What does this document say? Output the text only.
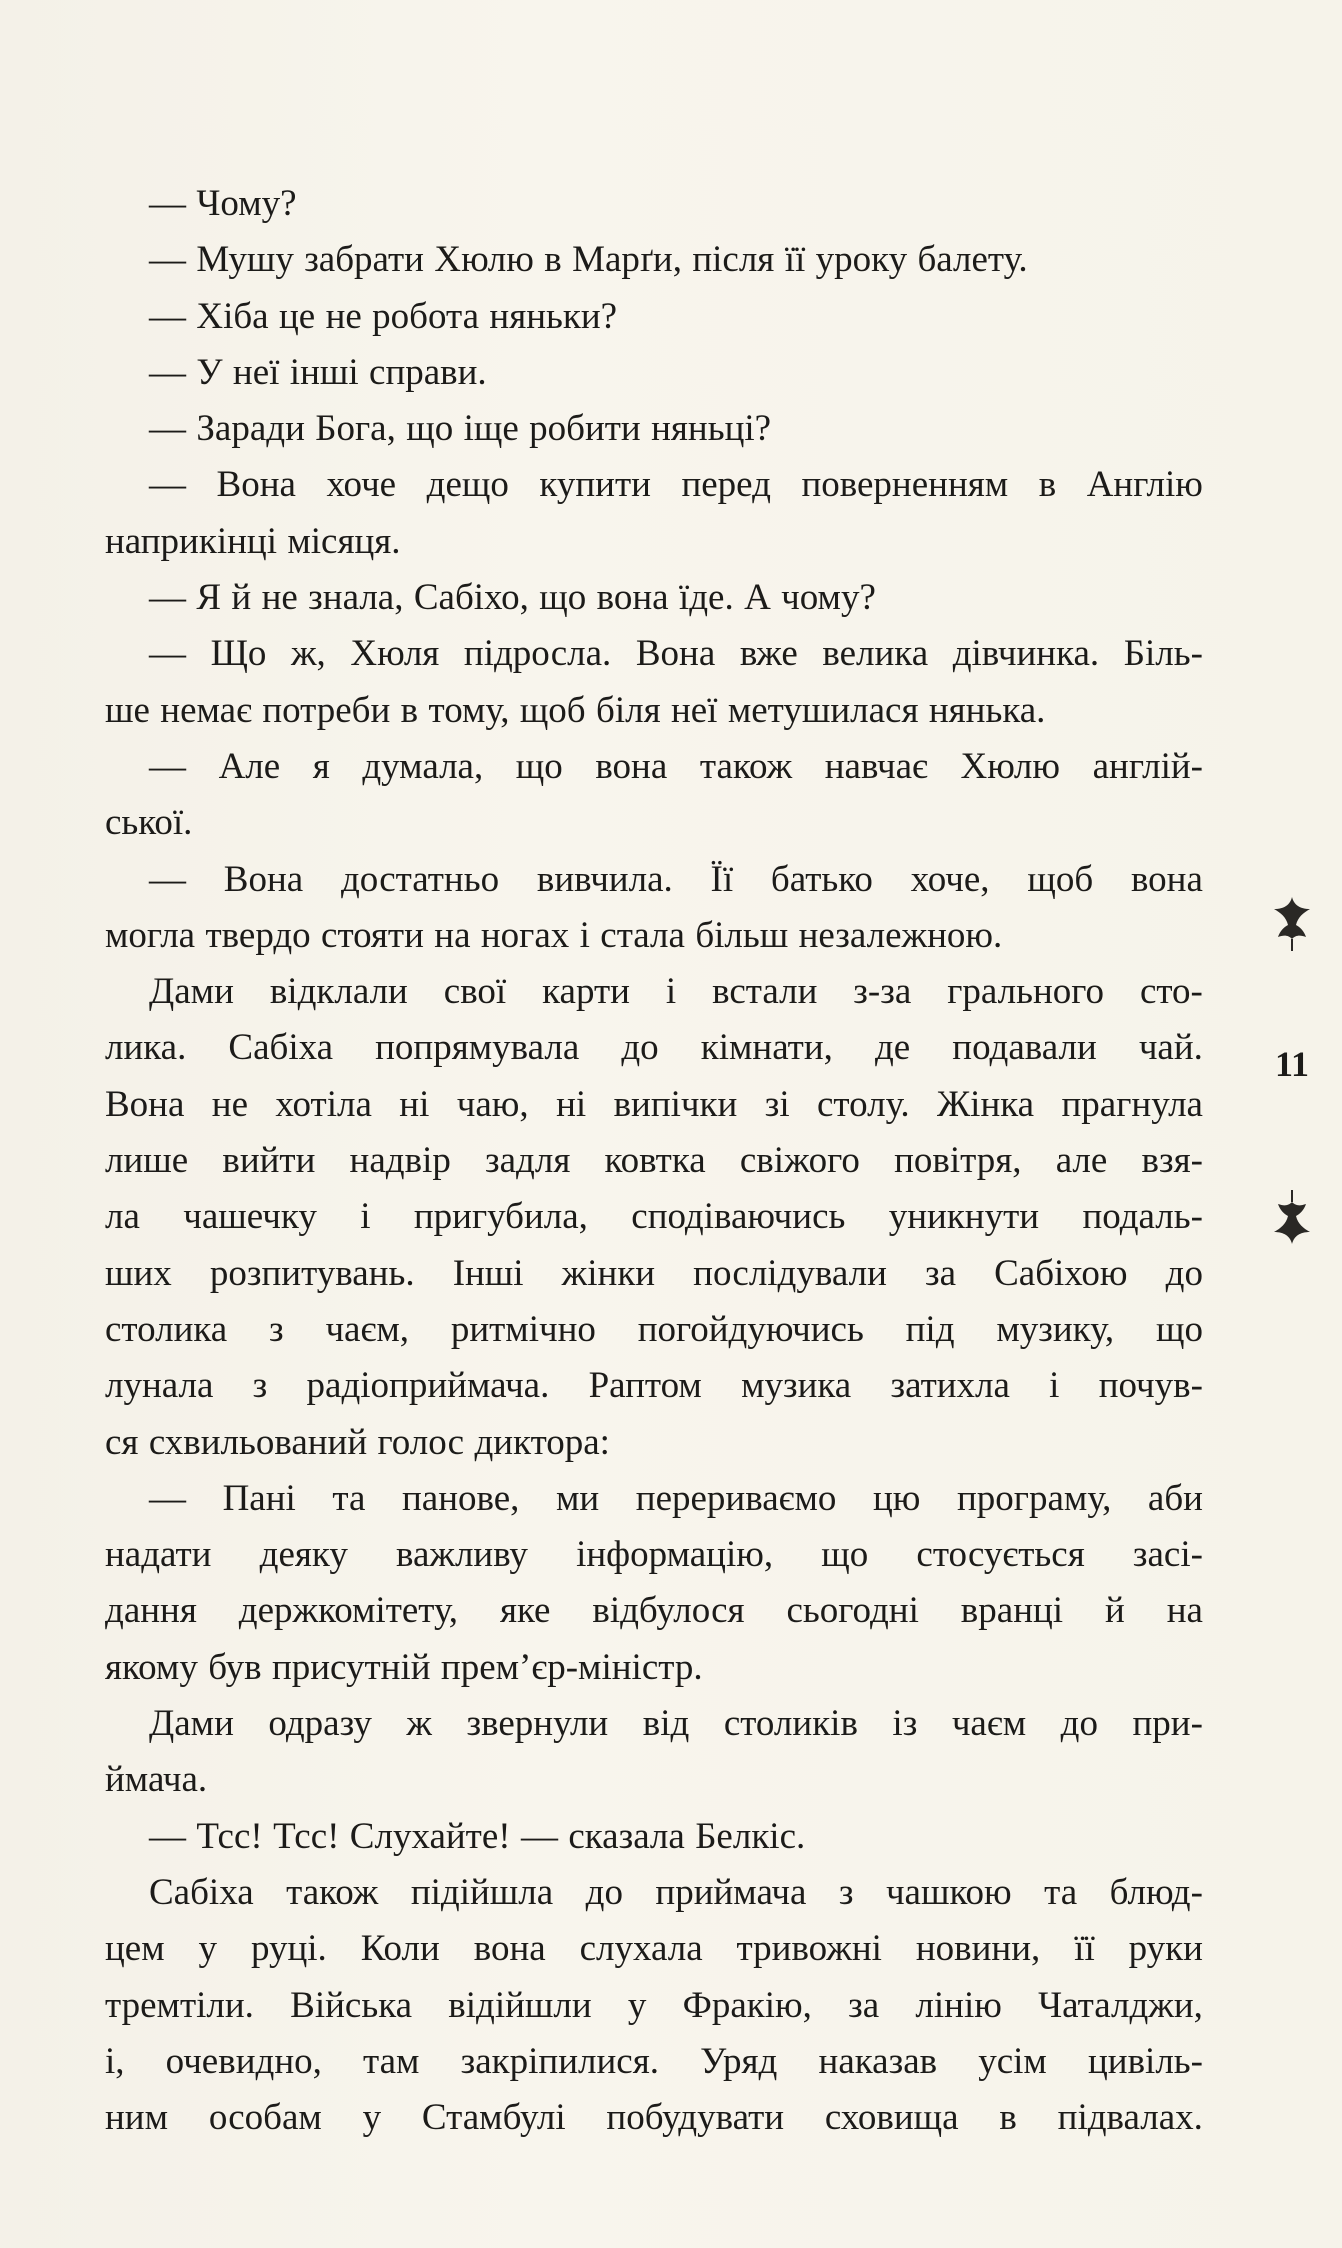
— Чому?
— Мушу забрати Хюлю в Марґи, після її уроку балету.
— Хіба це не робота няньки?
— У неї інші справи.
— Заради Бога, що іще робити няньці?
— Вона хоче дещо купити перед поверненням в Англію
наприкінці місяця.
— Я й не знала, Сабіхо, що вона їде. А чому?
— Що ж, Хюля підросла. Вона вже велика дівчинка. Біль-
ше немає потреби в тому, щоб біля неї метушилася нянька.
— Але я думала, що вона також навчає Хюлю англій-
ської.
— Вона достатньо вивчила. Її батько хоче, щоб вона
могла твердо стояти на ногах і стала більш незалежною.
Дами відклали свої карти і встали з-за грального сто-
лика. Сабіха попрямувала до кімнати, де подавали чай.
Вона не хотіла ні чаю, ні випічки зі столу. Жінка прагнула
лише вийти надвір задля ковтка свіжого повітря, але взя-
ла чашечку і пригубила, сподіваючись уникнути подаль-
ших розпитувань. Інші жінки послідували за Сабіхою до
столика з чаєм, ритмічно погойдуючись під музику, що
лунала з радіоприймача. Раптом музика затихла і почув-
ся схвильований голос диктора:
— Пані та панове, ми перериваємо цю програму, аби
надати деяку важливу інформацію, що стосується засі-
дання держкомітету, яке відбулося сьогодні вранці й на
якому був присутній прем’єр-міністр.
Дами одразу ж звернули від столиків із чаєм до при-
ймача.
— Тсс! Тсс! Слухайте! — сказала Белкіс.
Сабіха також підійшла до приймача з чашкою та блюд-
цем у руці. Коли вона слухала тривожні новини, її руки
тремтіли. Війська відійшли у Фракію, за лінію Чаталджи,
і, очевидно, там закріпилися. Уряд наказав усім цивіль-
ним особам у Стамбулі побудувати сховища в підвалах.
11
